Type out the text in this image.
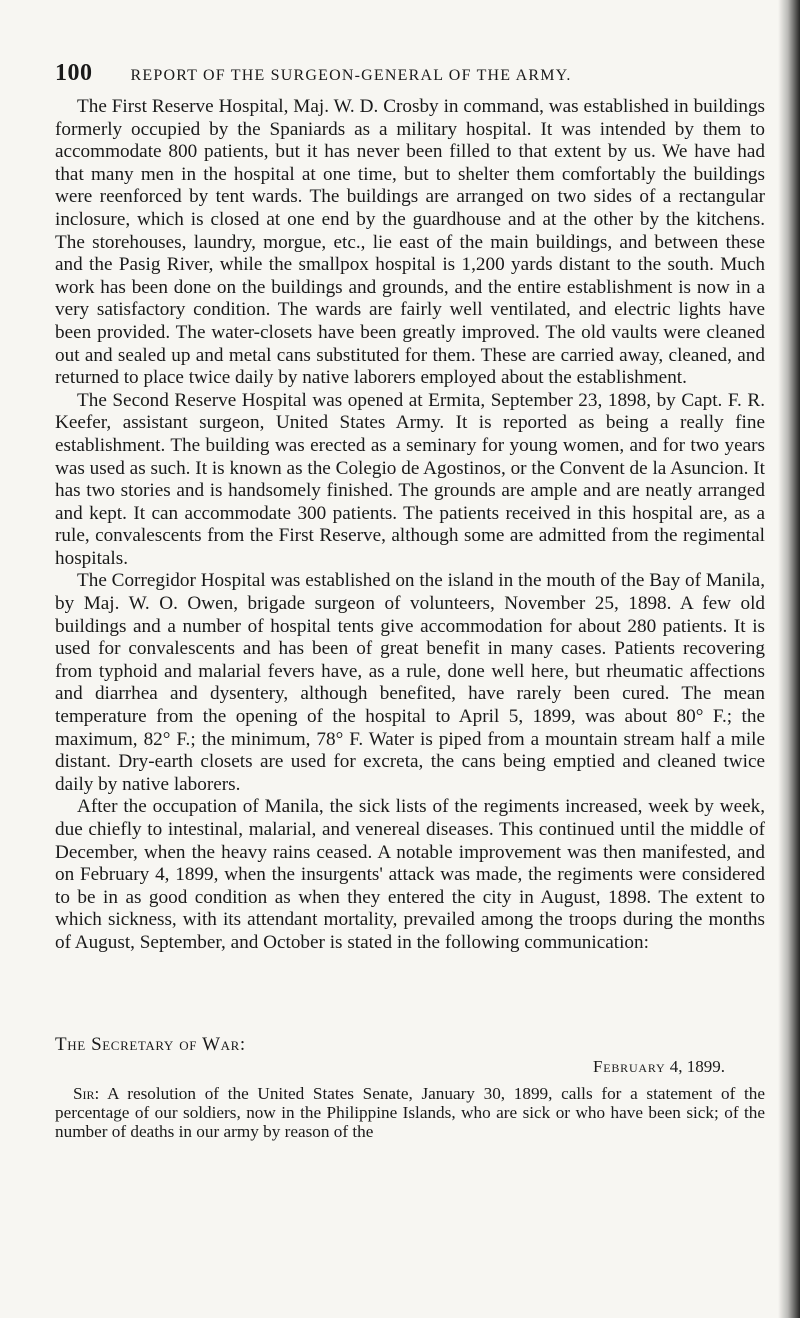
100 REPORT OF THE SURGEON-GENERAL OF THE ARMY.

The First Reserve Hospital, Maj. W. D. Crosby in command, was established in buildings formerly occupied by the Spaniards as a military hospital. It was intended by them to accommodate 800 patients, but it has never been filled to that extent by us. We have had that many men in the hospital at one time, but to shelter them comfortably the buildings were reenforced by tent wards. The buildings are arranged on two sides of a rectangular inclosure, which is closed at one end by the guardhouse and at the other by the kitchens. The storehouses, laundry, morgue, etc., lie east of the main buildings, and between these and the Pasig River, while the smallpox hospital is 1,200 yards distant to the south. Much work has been done on the buildings and grounds, and the entire establishment is now in a very satisfactory condition. The wards are fairly well ventilated, and electric lights have been provided. The water-closets have been greatly improved. The old vaults were cleaned out and sealed up and metal cans substituted for them. These are carried away, cleaned, and returned to place twice daily by native laborers employed about the establishment.

The Second Reserve Hospital was opened at Ermita, September 23, 1898, by Capt. F. R. Keefer, assistant surgeon, United States Army. It is reported as being a really fine establishment. The building was erected as a seminary for young women, and for two years was used as such. It is known as the Colegio de Agostinos, or the Convent de la Asuncion. It has two stories and is handsomely finished. The grounds are ample and are neatly arranged and kept. It can accommodate 300 patients. The patients received in this hospital are, as a rule, convalescents from the First Reserve, although some are admitted from the regimental hospitals.

The Corregidor Hospital was established on the island in the mouth of the Bay of Manila, by Maj. W. O. Owen, brigade surgeon of volunteers, November 25, 1898. A few old buildings and a number of hospital tents give accommodation for about 280 patients. It is used for convalescents and has been of great benefit in many cases. Patients recovering from typhoid and malarial fevers have, as a rule, done well here, but rheumatic affections and diarrhea and dysentery, although benefited, have rarely been cured. The mean temperature from the opening of the hospital to April 5, 1899, was about 80° F.; the maximum, 82° F.; the minimum, 78° F. Water is piped from a mountain stream half a mile distant. Dry-earth closets are used for excreta, the cans being emptied and cleaned twice daily by native laborers.

After the occupation of Manila, the sick lists of the regiments increased, week by week, due chiefly to intestinal, malarial, and venereal diseases. This continued until the middle of December, when the heavy rains ceased. A notable improvement was then manifested, and on February 4, 1899, when the insurgents' attack was made, the regiments were considered to be in as good condition as when they entered the city in August, 1898. The extent to which sickness, with its attendant mortality, prevailed among the troops during the months of August, September, and October is stated in the following communication:

The Secretary of War:
February 4, 1899.
Sir: A resolution of the United States Senate, January 30, 1899, calls for a statement of the percentage of our soldiers, now in the Philippine Islands, who are sick or who have been sick; of the number of deaths in our army by reason of the
